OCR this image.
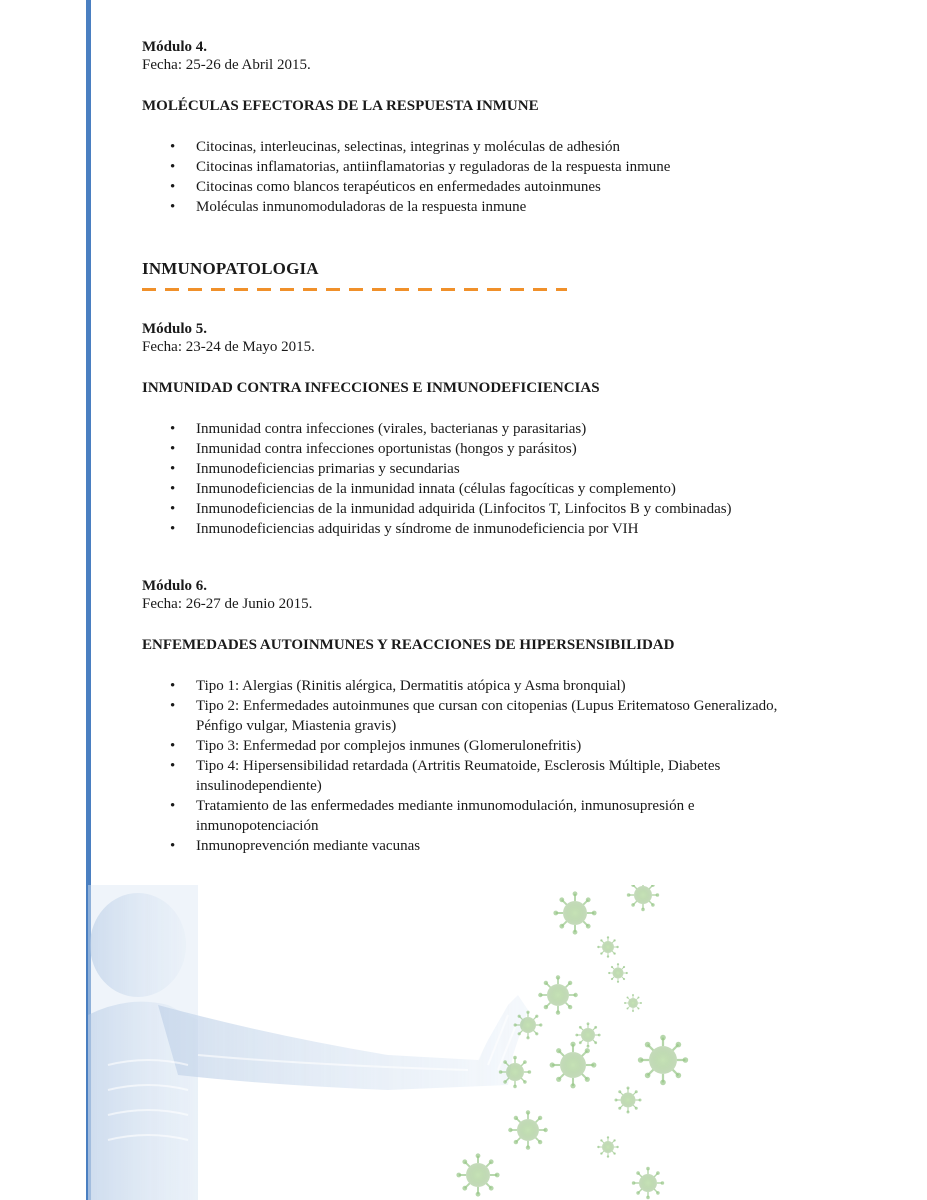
Módulo 4.

Fecha: 25-26 de Abril 2015.

MOLÉCULAS EFECTORAS DE LA RESPUESTA INMUNE

• Citocinas, interleucinas, selectinas, integrinas y moléculas de adhesión
• Citocinas inflamatorias, antiinflamatorias y reguladoras de la respuesta inmune
• Citocinas como blancos terapéuticos en enfermedades autoinmunes
• Moléculas inmunomoduladoras de la respuesta inmune

INMUNOPATOLOGIA

Módulo 5.

Fecha: 23-24 de Mayo 2015.

INMUNIDAD CONTRA INFECCIONES E INMUNODEFICIENCIAS

• Inmunidad contra infecciones (virales, bacterianas y parasitarias)
• Inmunidad contra infecciones oportunistas (hongos y parásitos)
• Inmunodeficiencias primarias y secundarias
• Inmunodeficiencias de la inmunidad innata (células fagocíticas y complemento)
• Inmunodeficiencias de la inmunidad adquirida (Linfocitos T, Linfocitos B y combinadas)
• Inmunodeficiencias adquiridas y síndrome de inmunodeficiencia por VIH

Módulo 6.

Fecha: 26-27 de Junio 2015.

ENFEMEDADES AUTOINMUNES Y REACCIONES DE HIPERSENSIBILIDAD

• Tipo 1: Alergias (Rinitis alérgica, Dermatitis atópica y Asma bronquial)
• Tipo 2: Enfermedades autoinmunes que cursan con citopenias (Lupus Eritematoso Generalizado, Pénfigo vulgar, Miastenia gravis)
• Tipo 3: Enfermedad por complejos inmunes (Glomerulonefritis)
• Tipo 4: Hipersensibilidad retardada (Artritis Reumatoide, Esclerosis Múltiple, Diabetes insulinodependiente)
• Tratamiento de las enfermedades mediante inmunomodulación, inmunosupresión e inmunopotenciación
• Inmunoprevención mediante vacunas
